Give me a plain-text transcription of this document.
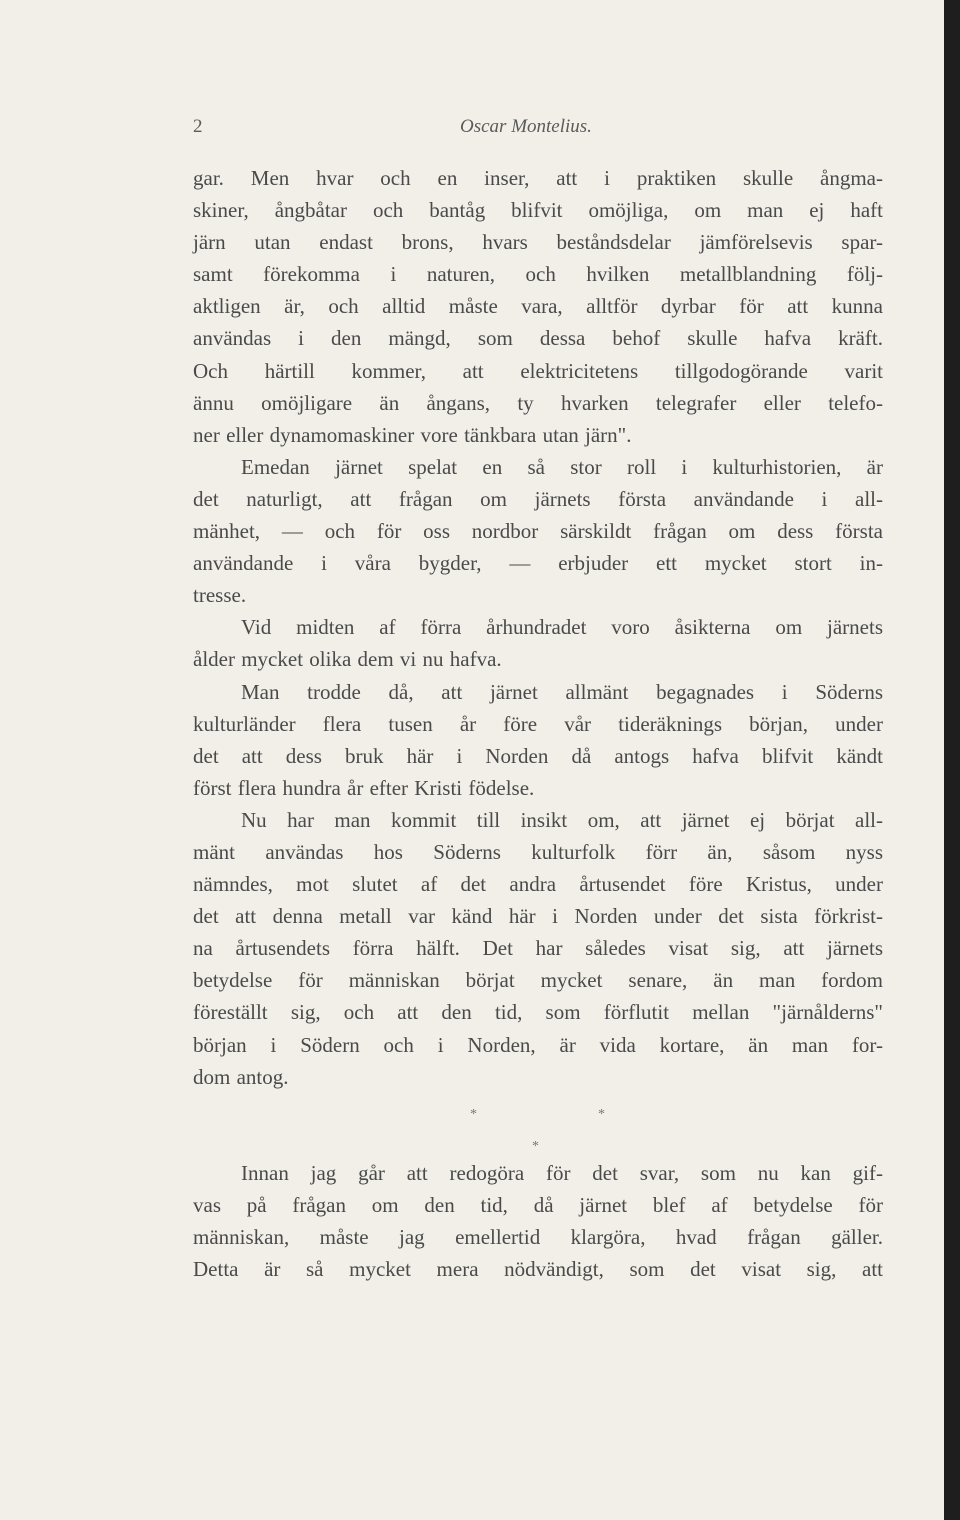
2	Oscar Montelius.
gar. Men hvar och en inser, att i praktiken skulle ångma-
skiner, ångbåtar och bantåg blifvit omöjliga, om man ej haft
järn utan endast brons, hvars beståndsdelar jämförelsevis spar-
samt förekomma i naturen, och hvilken metallblandning följ-
aktligen är, och alltid måste vara, alltför dyrbar för att kunna
användas i den mängd, som dessa behof skulle hafva kräft.
Och härtill kommer, att elektricitetens tillgodogörande varit
ännu omöjligare än ångans, ty hvarken telegrafer eller telefo-
ner eller dynamomaskiner vore tänkbara utan järn".
Emedan järnet spelat en så stor roll i kulturhistorien, är
det naturligt, att frågan om järnets första användande i all-
mänhet, — och för oss nordbor särskildt frågan om dess första
användande i våra bygder, — erbjuder ett mycket stort in-
tresse.
Vid midten af förra århundradet voro åsikterna om järnets
ålder mycket olika dem vi nu hafva.
Man trodde då, att järnet allmänt begagnades i Söderns
kulturländer flera tusen år före vår tideräknings början, under
det att dess bruk här i Norden då antogs hafva blifvit kändt
först flera hundra år efter Kristi födelse.
Nu har man kommit till insikt om, att järnet ej börjat all-
mänt användas hos Söderns kulturfolk förr än, såsom nyss
nämndes, mot slutet af det andra årtusendet före Kristus, under
det att denna metall var känd här i Norden under det sista förkrist-
na årtusendets förra hälft. Det har således visat sig, att järnets
betydelse för människan börjat mycket senare, än man fordom
föreställt sig, och att den tid, som förflutit mellan "järnålderns"
början i Södern och i Norden, är vida kortare, än man for-
dom antog.
*	*
*
Innan jag går att redogöra för det svar, som nu kan gif-
vas på frågan om den tid, då järnet blef af betydelse för
människan, måste jag emellertid klargöra, hvad frågan gäller.
Detta är så mycket mera nödvändigt, som det visat sig, att
